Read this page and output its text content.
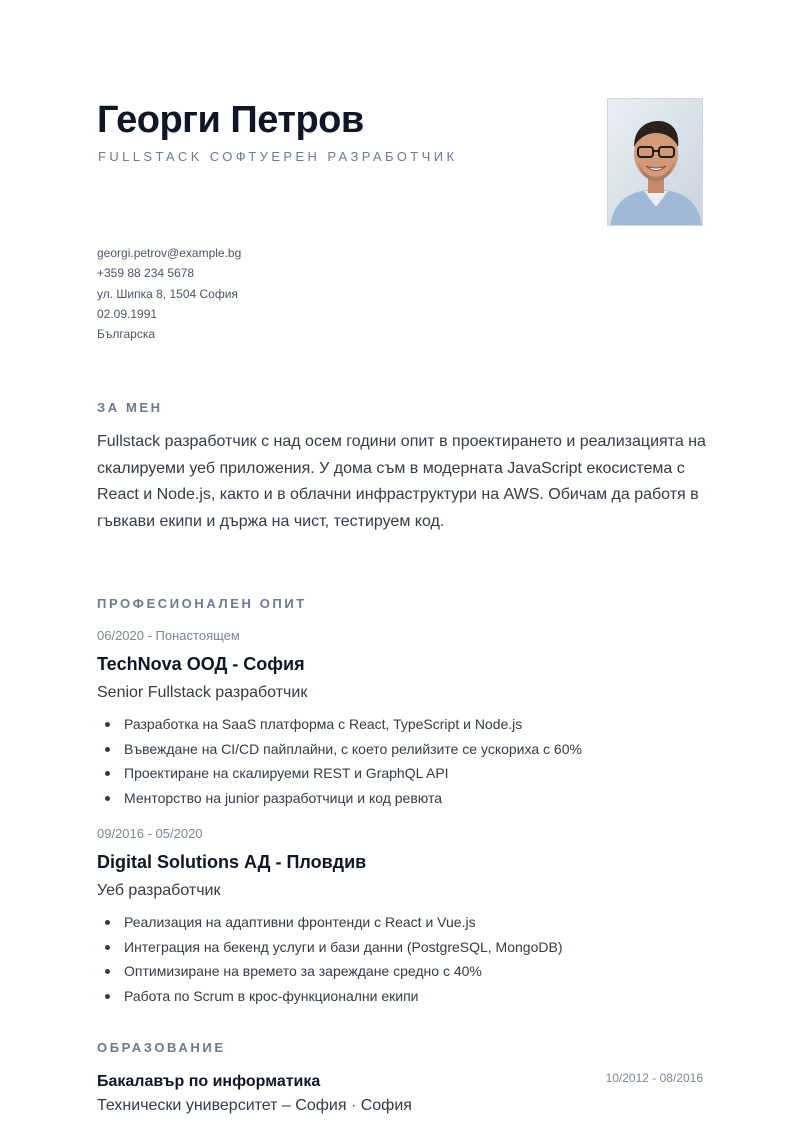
Георги Петров
FULLSTACK СОФТУЕРЕН РАЗРАБОТЧИК
georgi.petrov@example.bg
+359 88 234 5678
ул. Шипка 8, 1504 София
02.09.1991
Българска
ЗА МЕН

Fullstack разработчик с над осем години опит в проектирането и реализацията на скалируеми уеб приложения. У дома съм в модерната JavaScript екосистема с React и Node.js, както и в облачни инфраструктури на AWS. Обичам да работя в гъвкави екипи и държа на чист, тестируем код.

ПРОФЕСИОНАЛЕН ОПИТ
06/2020 - Понастоящем
TechNova ООД - София
Senior Fullstack разработчик
Разработка на SaaS платформа с React, TypeScript и Node.js
Въвеждане на CI/CD пайплайни, с което релийзите се ускориха с 60%
Проектиране на скалируеми REST и GraphQL API
Менторство на junior разработчици и код ревюта
09/2016 - 05/2020
Digital Solutions АД - Пловдив
Уеб разработчик
Реализация на адаптивни фронтенди с React и Vue.js
Интеграция на бекенд услуги и бази данни (PostgreSQL, MongoDB)
Оптимизиране на времето за зареждане средно с 40%
Работа по Scrum в крос-функционални екипи
ОБРАЗОВАНИЕ
Бакалавър по информатика	10/2012 - 08/2016
Технически университет – София · София
